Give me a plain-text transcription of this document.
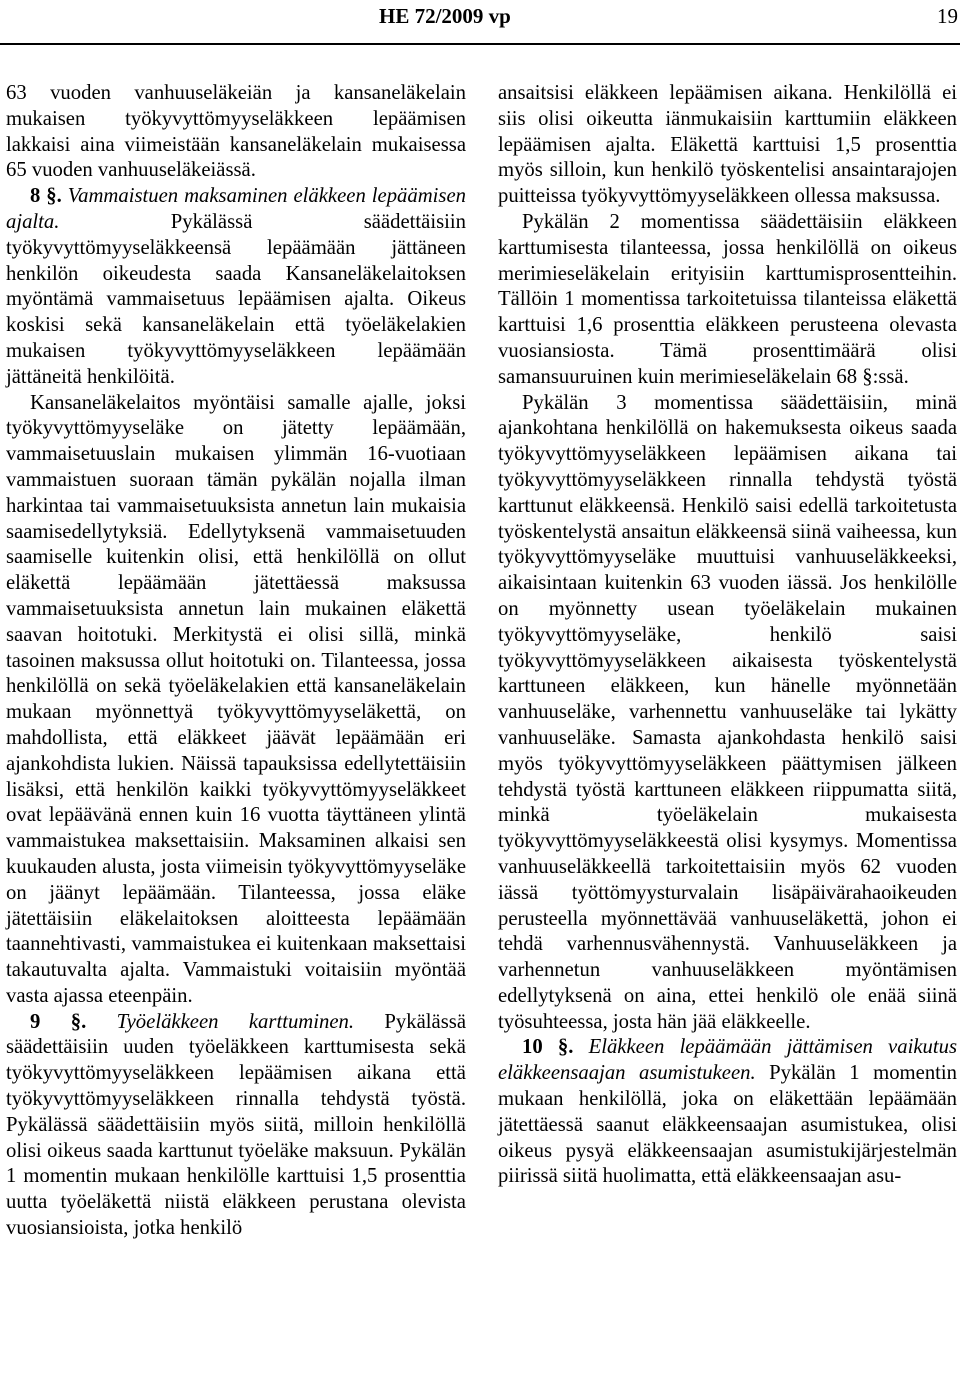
HE 72/2009 vp	19

63 vuoden vanhuuseläkeiän ja kansaneläkelain mukaisen työkyvyttömyyseläkkeen lepäämisen lakkaisi aina viimeistään kansaneläkelain mukaisessa 65 vuoden vanhuuseläkeiässä.

8 §. Vammaistuen maksaminen eläkkeen lepäämisen ajalta.	Pykälässä säädettäisiin työkyvyttömyyseläkkeensä lepäämään jättäneen henkilön oikeudesta saada Kansaneläkelaitoksen myöntämä vammaisetuus lepäämisen ajalta. Oikeus koskisi sekä kansaneläkelain että työeläkelakien mukaisen työkyvyttömyyseläkkeen lepäämään jättäneitä henkilöitä.

Kansaneläkelaitos myöntäisi samalle ajalle, joksi työkyvyttömyyseläke on jätetty lepäämään, vammaisetuuslain mukaisen ylimmän 16-vuotiaan vammaistuen suoraan tämän pykälän nojalla ilman harkintaa tai vammaisetuuksista annetun lain mukaisia saamisedellytyksiä. Edellytyksenä vammaisetuuden saamiselle kuitenkin olisi, että henkilöllä on ollut eläkettä lepäämään jätettäessä maksussa vammaisetuuksista annetun lain mukainen eläkettä saavan hoitotuki. Merkitystä ei olisi sillä, minkä tasoinen maksussa ollut hoitotuki on. Tilanteessa, jossa henkilöllä on sekä työeläkelakien että kansaneläkelain mukaan myönnettyä työkyvyttömyyseläkettä, on mahdollista, että eläkkeet jäävät lepäämään eri ajankohdista lukien. Näissä tapauksissa edellytettäisiin lisäksi, että henkilön kaikki työkyvyttömyyseläkkeet ovat lepäävänä ennen kuin 16 vuotta täyttäneen ylintä vammaistukea maksettaisiin. Maksaminen alkaisi sen kuukauden alusta, josta viimeisin työkyvyttömyyseläke on jäänyt lepäämään. Tilanteessa, jossa eläke jätettäisiin eläkelaitoksen aloitteesta lepäämään taannehtivasti, vammaistukea ei kuitenkaan maksettaisi takautuvalta ajalta. Vammaistuki voitaisiin myöntää vasta ajassa eteenpäin.

9 §. Työeläkkeen karttuminen. Pykälässä säädettäisiin uuden työeläkkeen karttumisesta sekä työkyvyttömyyseläkkeen lepäämisen aikana että työkyvyttömyyseläkkeen rinnalla tehdystä työstä. Pykälässä säädettäisiin myös siitä, milloin henkilöllä olisi oikeus saada karttunut työeläke maksuun. Pykälän 1 momentin mukaan henkilölle karttuisi 1,5 prosenttia uutta työeläkettä niistä eläkkeen perustana olevista vuosiansioista, jotka henkilö

ansaitsisi eläkkeen lepäämisen aikana. Henkilöllä ei siis olisi oikeutta iänmukaisiin karttumiin eläkkeen lepäämisen ajalta. Eläkettä karttuisi 1,5 prosenttia myös silloin, kun henkilö työskentelisi ansaintarajojen puitteissa työkyvyttömyyseläkkeen ollessa maksussa.

Pykälän 2 momentissa säädettäisiin eläkkeen karttumisesta tilanteessa, jossa henkilöllä on oikeus merimieseläkelain erityisiin karttumisprosentteihin. Tällöin 1 momentissa tarkoitetuissa tilanteissa eläkettä karttuisi 1,6 prosenttia eläkkeen perusteena olevasta vuosiansiosta. Tämä prosenttimäärä olisi samansuuruinen kuin merimieseläkelain 68 §:ssä.

Pykälän 3 momentissa säädettäisiin, minä ajankohtana henkilöllä on hakemuksesta oikeus saada työkyvyttömyyseläkkeen lepäämisen aikana tai työkyvyttömyyseläkkeen rinnalla tehdystä työstä karttunut eläkkeensä. Henkilö saisi edellä tarkoitetusta työskentelystä ansaitun eläkkeensä siinä vaiheessa, kun työkyvyttömyyseläke muuttuisi vanhuuseläkkeeksi, aikaisintaan kuitenkin 63 vuoden iässä. Jos henkilölle on myönnetty usean työeläkelain mukainen työkyvyttömyyseläke, henkilö saisi työkyvyttömyyseläkkeen aikaisesta työskentelystä karttuneen eläkkeen, kun hänelle myönnetään vanhuuseläke, varhennettu vanhuuseläke tai lykätty vanhuuseläke. Samasta ajankohdasta henkilö saisi myös työkyvyttömyyseläkkeen päättymisen jälkeen tehdystä työstä karttuneen eläkkeen riippumatta siitä, minkä työeläkelain mukaisesta työkyvyttömyyseläkkeestä olisi kysymys. Momentissa vanhuuseläkkeellä tarkoitettaisiin myös 62 vuoden iässä työttömyysturvalain lisäpäivärahaoikeuden perusteella myönnettävää vanhuuseläkettä, johon ei tehdä varhennusvähennystä. Vanhuuseläkkeen ja varhennetun vanhuuseläkkeen myöntämisen edellytyksenä on aina, ettei henkilö ole enää siinä työsuhteessa, josta hän jää eläkkeelle.

10 §. Eläkkeen lepäämään jättämisen vaikutus eläkkeensaajan asumistukeen. Pykälän 1 momentin mukaan henkilöllä, joka on eläkettään lepäämään jätettäessä saanut eläkkeensaajan asumistukea, olisi oikeus pysyä eläkkeensaajan asumistukijärjestelmän piirissä siitä huolimatta, että eläkkeensaajan asu-
